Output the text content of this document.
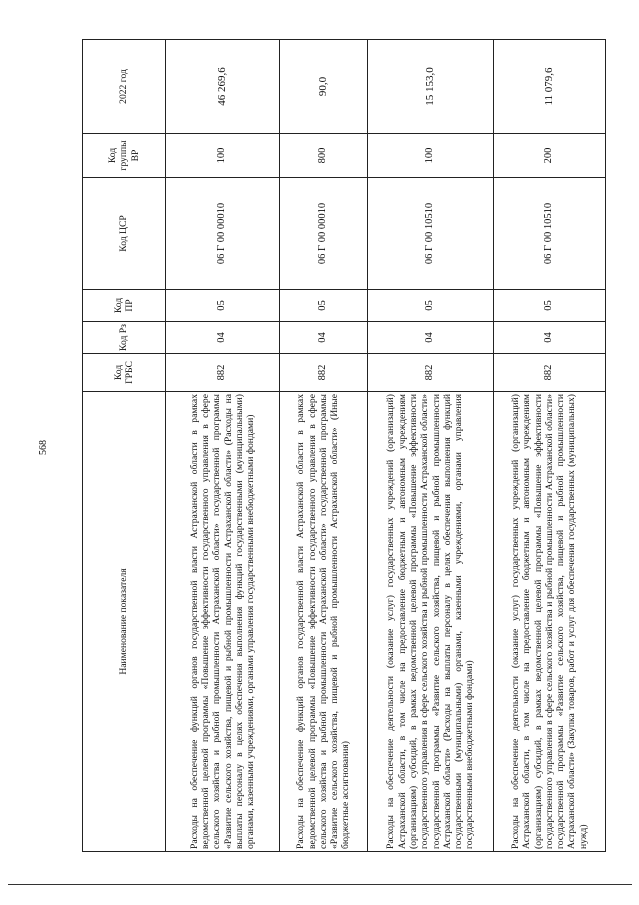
568
Наименование показателя	Код ГРБС	Код Рз	Код ПР	Код ЦСР	Код группы ВР	2022 год
Расходы на обеспечение функций органов государственной власти Астраханской области в рамках ведомственной целевой программы «Повышение эффективности государственного управления в сфере сельского хозяйства и рыбной промышленности Астраханской области» государственной программы «Развитие сельского хозяйства, пищевой и рыбной промышленности Астраханской области» (Расходы на выплаты персоналу в целях обеспечения выполнения функций государственными (муниципальными) органами, казенными учреждениями, органами управления государственными внебюджетными фондами)	882	04	05	06 Г 00 00010	100	46 269,6
Расходы на обеспечение функций органов государственной власти Астраханской области в рамках ведомственной целевой программы «Повышение эффективности государственного управления в сфере сельского хозяйства и рыбной промышленности Астраханской области» государственной программы «Развитие сельского хозяйства, пищевой и рыбной промышленности Астраханской области» (Иные бюджетные ассигнования)	882	04	05	06 Г 00 00010	800	90,0
Расходы на обеспечение деятельности (оказание услуг) государственных учреждений (организаций) Астраханской области, в том числе на предоставление бюджетным и автономным учреждениям (организациям) субсидий, в рамках ведомственной целевой программы «Повышение эффективности государственного управления в сфере сельского хозяйства и рыбной промышленности Астраханской области» государственной программы «Развитие сельского хозяйства, пищевой и рыбной промышленности Астраханской области» (Расходы на выплаты персоналу в целях обеспечения выполнения функций государственными (муниципальными) органами, казенными учреждениями, органами управления государственными внебюджетными фондами)	882	04	05	06 Г 00 10510	100	15 153,0
Расходы на обеспечение деятельности (оказание услуг) государственных учреждений (организаций) Астраханской области, в том числе на предоставление бюджетным и автономным учреждениям (организациям) субсидий, в рамках ведомственной целевой программы «Повышение эффективности государственного управления в сфере сельского хозяйства и рыбной промышленности Астраханской области» государственной программы «Развитие сельского хозяйства, пищевой и рыбной промышленности Астраханской области» (Закупка товаров, работ и услуг для обеспечения государственных (муниципальных) нужд)	882	04	05	06 Г 00 10510	200	11 079,6
